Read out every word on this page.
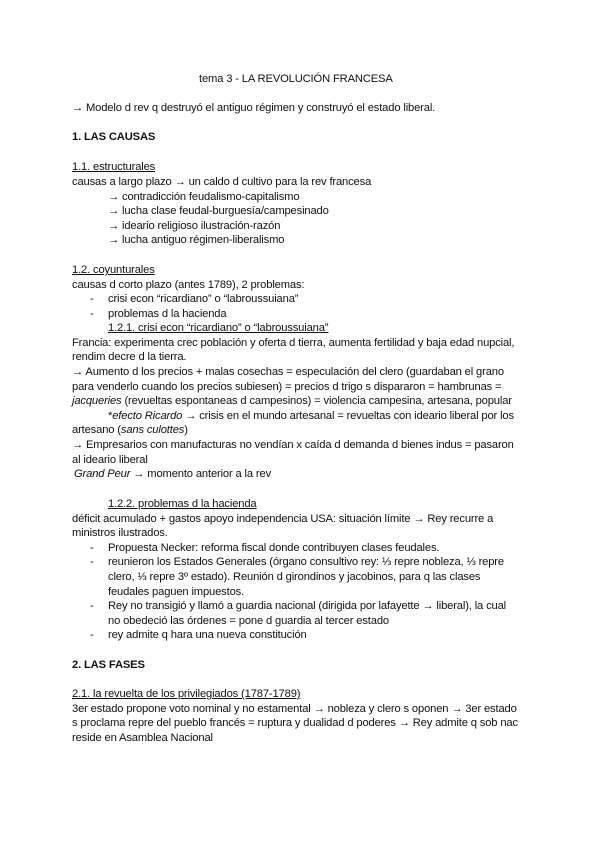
tema 3 - LA REVOLUCIÓN FRANCESA
→ Modelo d rev q destruyó el antiguo régimen y construyó el estado liberal.
1. LAS CAUSAS
1.1. estructurales
causas a largo plazo → un caldo d cultivo para la rev francesa
→ contradicción feudalismo-capitalismo
→ lucha clase feudal-burguesía/campesinado
→ ideario religioso ilustración-razón
→ lucha antiguo régimen-liberalismo
1.2. coyunturales
causas d corto plazo (antes 1789), 2 problemas:
- crisi econ “ricardiano” o “labroussuiana”
- problemas d la hacienda
1.2.1. crisi econ “ricardiano” o “labroussuiana”
Francia: experimenta crec población y oferta d tierra, aumenta fertilidad y baja edad nupcial,
rendim decre d la tierra.
→ Aumento d los precios + malas cosechas = especulación del clero (guardaban el grano
para venderlo cuando los precios subiesen) = precios d trigo s dispararon = hambrunas =
jacqueries (revueltas espontaneas d campesinos) = violencia campesina, artesana, popular
*efecto Ricardo → crisis en el mundo artesanal = revueltas con ideario liberal por los
artesano (sans culottes)
→ Empresarios con manufacturas no vendían x caída d demanda d bienes indus = pasaron
al ideario liberal
Grand Peur → momento anterior a la rev
1.2.2. problemas d la hacienda
déficit acumulado + gastos apoyo independencia USA: situación límite → Rey recurre a
ministros ilustrados.
- Propuesta Necker: reforma fiscal donde contribuyen clases feudales.
- reunieron los Estados Generales (órgano consultivo rey: ⅓ repre nobleza, ⅓ repre
clero, ⅓ repre 3º estado). Reunión d girondinos y jacobinos, para q las clases
feudales paguen impuestos.
- Rey no transigió y llamó a guardia nacional (dirigida por lafayette → liberal), la cual
no obedeció las órdenes = pone d guardia al tercer estado
- rey admite q hara una nueva constitución
2. LAS FASES
2.1. la revuelta de los privilegiados (1787-1789)
3er estado propone voto nominal y no estamental → nobleza y clero s oponen → 3er estado
s proclama repre del pueblo francés = ruptura y dualidad d poderes → Rey admite q sob nac
reside en Asamblea Nacional
